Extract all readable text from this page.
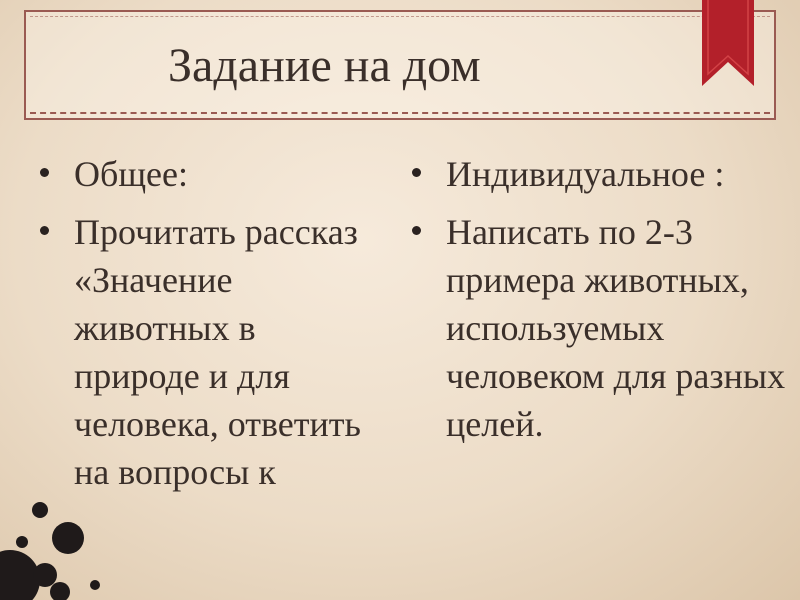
Задание на дом
Общее:
Прочитать рассказ «Значение животных в природе и для человека, ответить на вопросы к
Индивидуальное :
Написать по 2-3 примера животных, используемых человеком для разных целей.
